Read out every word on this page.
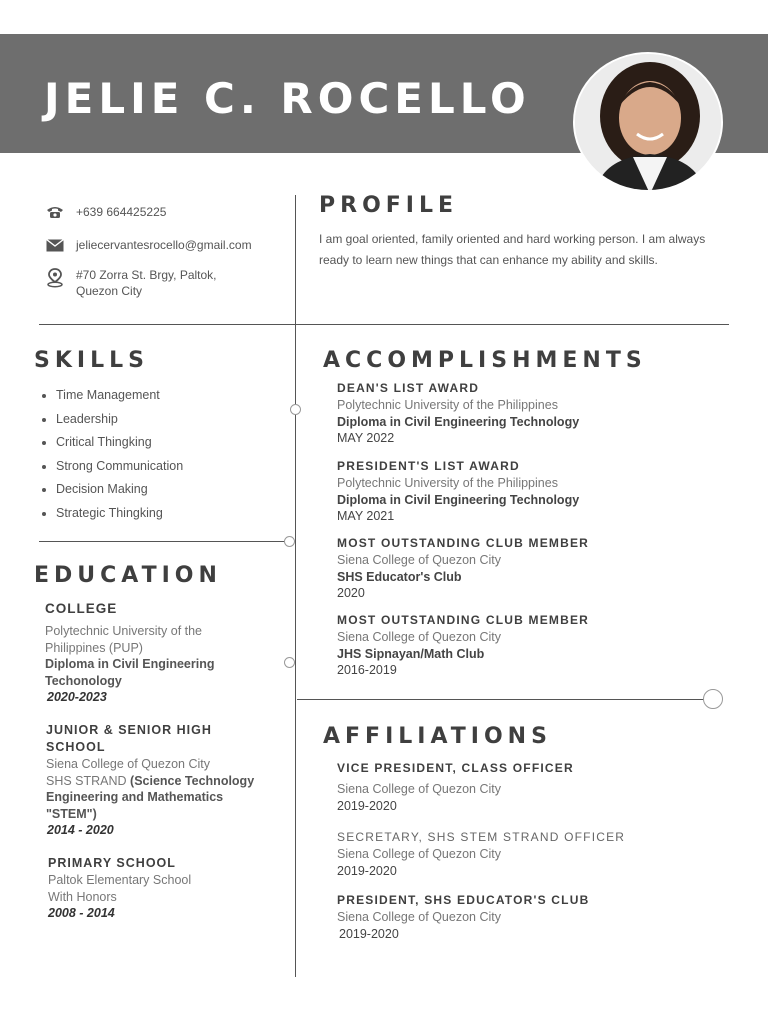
JELIE C. ROCELLO
+639 664425225
jeliecervantesrocello@gmail.com
#70 Zorra St. Brgy, Paltok,
Quezon City
PROFILE
I am goal oriented, family oriented and hard working person. I am always ready to learn new things that can enhance my ability and skills.
SKILLS
Time Management
Leadership
Critical Thingking
Strong Communication
Decision Making
Strategic Thingking
EDUCATION
COLLEGE
Polytechnic University of the
Philippines (PUP)
Diploma in Civil Engineering
Techonology
2020-2023
JUNIOR & SENIOR HIGH
SCHOOL
Siena College of Quezon City
SHS STRAND (Science Technology
Engineering and Mathematics
"STEM")
2014 - 2020
PRIMARY SCHOOL
Paltok Elementary School
With Honors
2008 - 2014
ACCOMPLISHMENTS
DEAN'S LIST AWARD
Polytechnic University of the Philippines
Diploma in Civil Engineering Technology
MAY 2022
PRESIDENT'S LIST AWARD
Polytechnic University of the Philippines
Diploma in Civil Engineering Technology
MAY 2021
MOST OUTSTANDING CLUB MEMBER
Siena College of Quezon City
SHS Educator's Club
2020
MOST OUTSTANDING CLUB MEMBER
Siena College of Quezon City
JHS Sipnayan/Math Club
2016-2019
AFFILIATIONS
VICE PRESIDENT, CLASS OFFICER
Siena College of Quezon City
2019-2020
SECRETARY, SHS STEM STRAND OFFICER
Siena College of Quezon City
2019-2020
PRESIDENT, SHS EDUCATOR'S CLUB
Siena College of Quezon City
2019-2020
